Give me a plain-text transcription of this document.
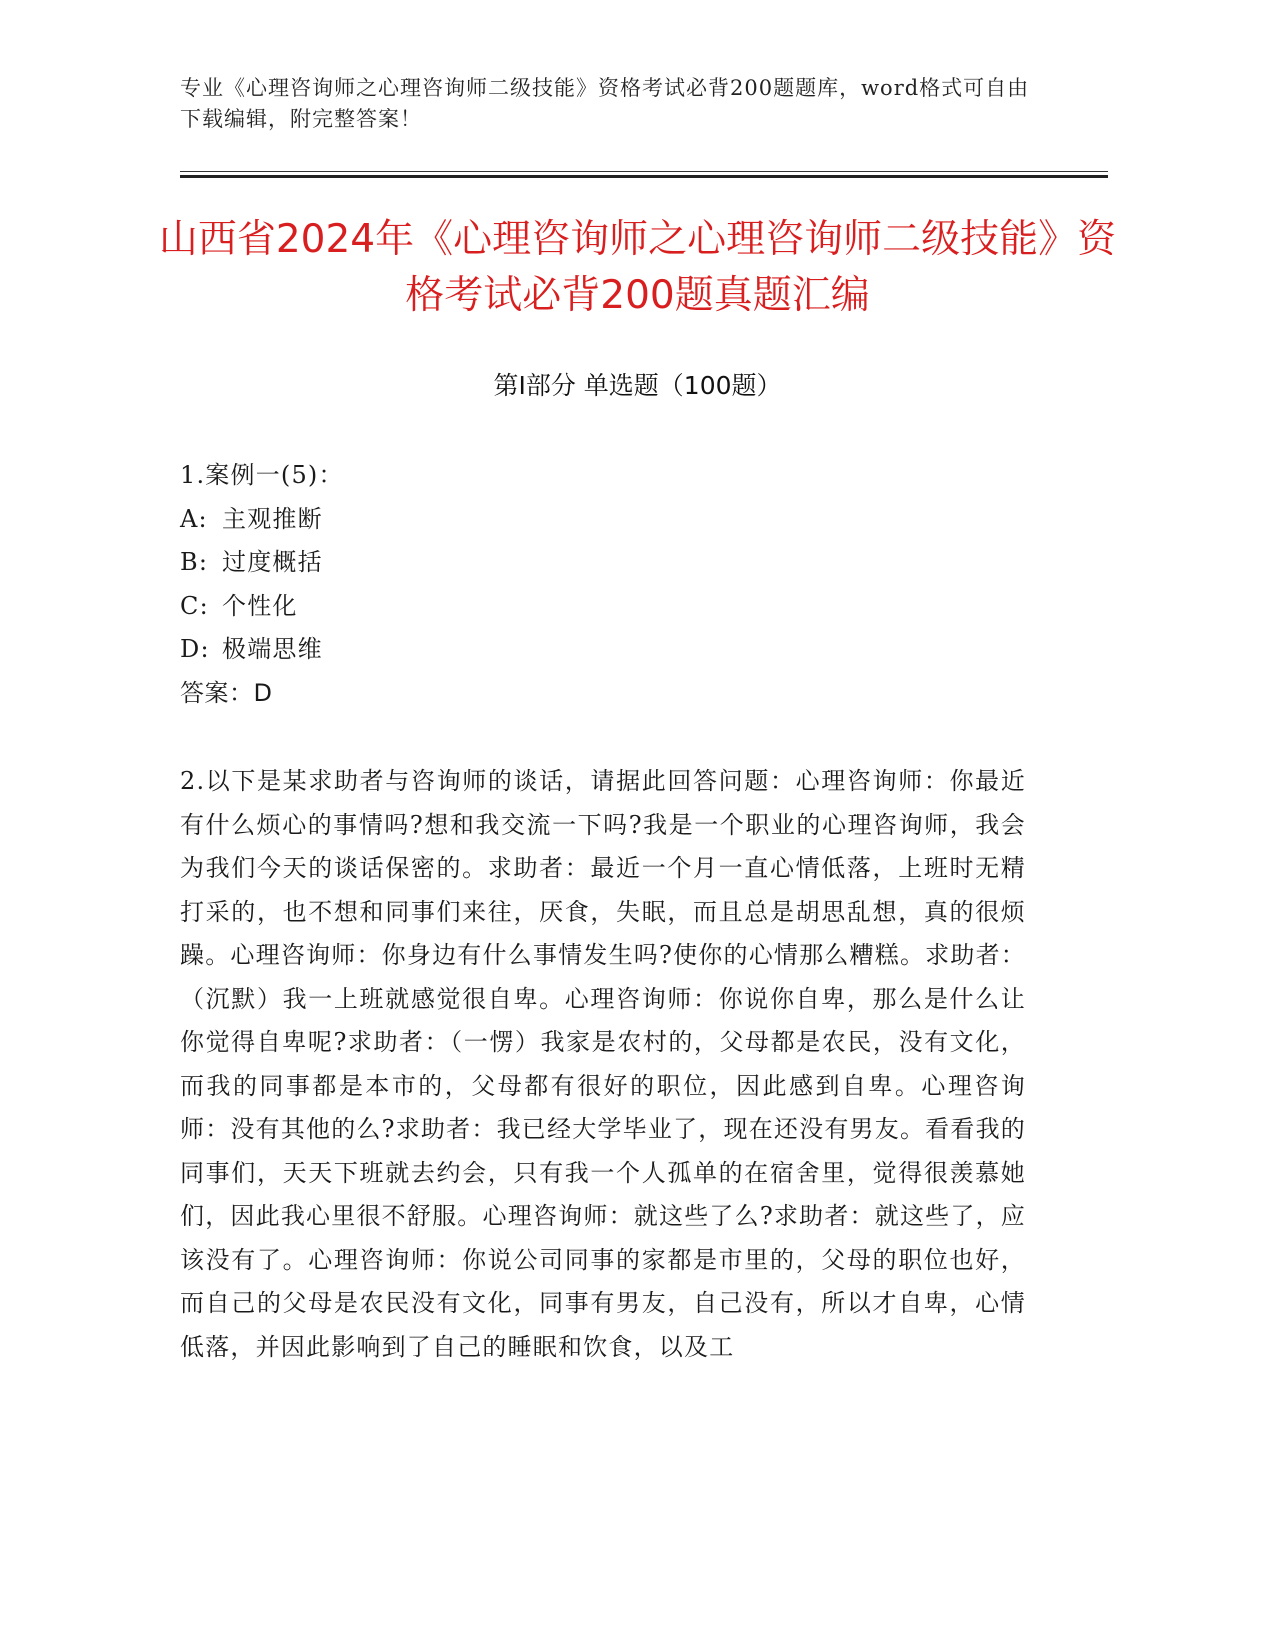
专业《心理咨询师之心理咨询师二级技能》资格考试必背200题题库，word格式可自由下载编辑，附完整答案！
山西省2024年《心理咨询师之心理咨询师二级技能》资格考试必背200题真题汇编
第Ⅰ部分 单选题（100题）
1.案例一(5)：
A: 主观推断
B: 过度概括
C: 个性化
D: 极端思维
答案：D
2.以下是某求助者与咨询师的谈话，请据此回答问题：心理咨询师：你最近有什么烦心的事情吗?想和我交流一下吗?我是一个职业的心理咨询师，我会为我们今天的谈话保密的。求助者：最近一个月一直心情低落，上班时无精打采的，也不想和同事们来往，厌食，失眠，而且总是胡思乱想，真的很烦躁。心理咨询师：你身边有什么事情发生吗?使你的心情那么糟糕。求助者：（沉默）我一上班就感觉很自卑。心理咨询师：你说你自卑，那么是什么让你觉得自卑呢?求助者：（一愣）我家是农村的，父母都是农民，没有文化，而我的同事都是本市的，父母都有很好的职位，因此感到自卑。心理咨询师：没有其他的么?求助者：我已经大学毕业了，现在还没有男友。看看我的同事们，天天下班就去约会，只有我一个人孤单的在宿舍里，觉得很羡慕她们，因此我心里很不舒服。心理咨询师：就这些了么?求助者：就这些了，应该没有了。心理咨询师：你说公司同事的家都是市里的，父母的职位也好，而自己的父母是农民没有文化，同事有男友，自己没有，所以才自卑，心情低落，并因此影响到了自己的睡眠和饮食，以及工
